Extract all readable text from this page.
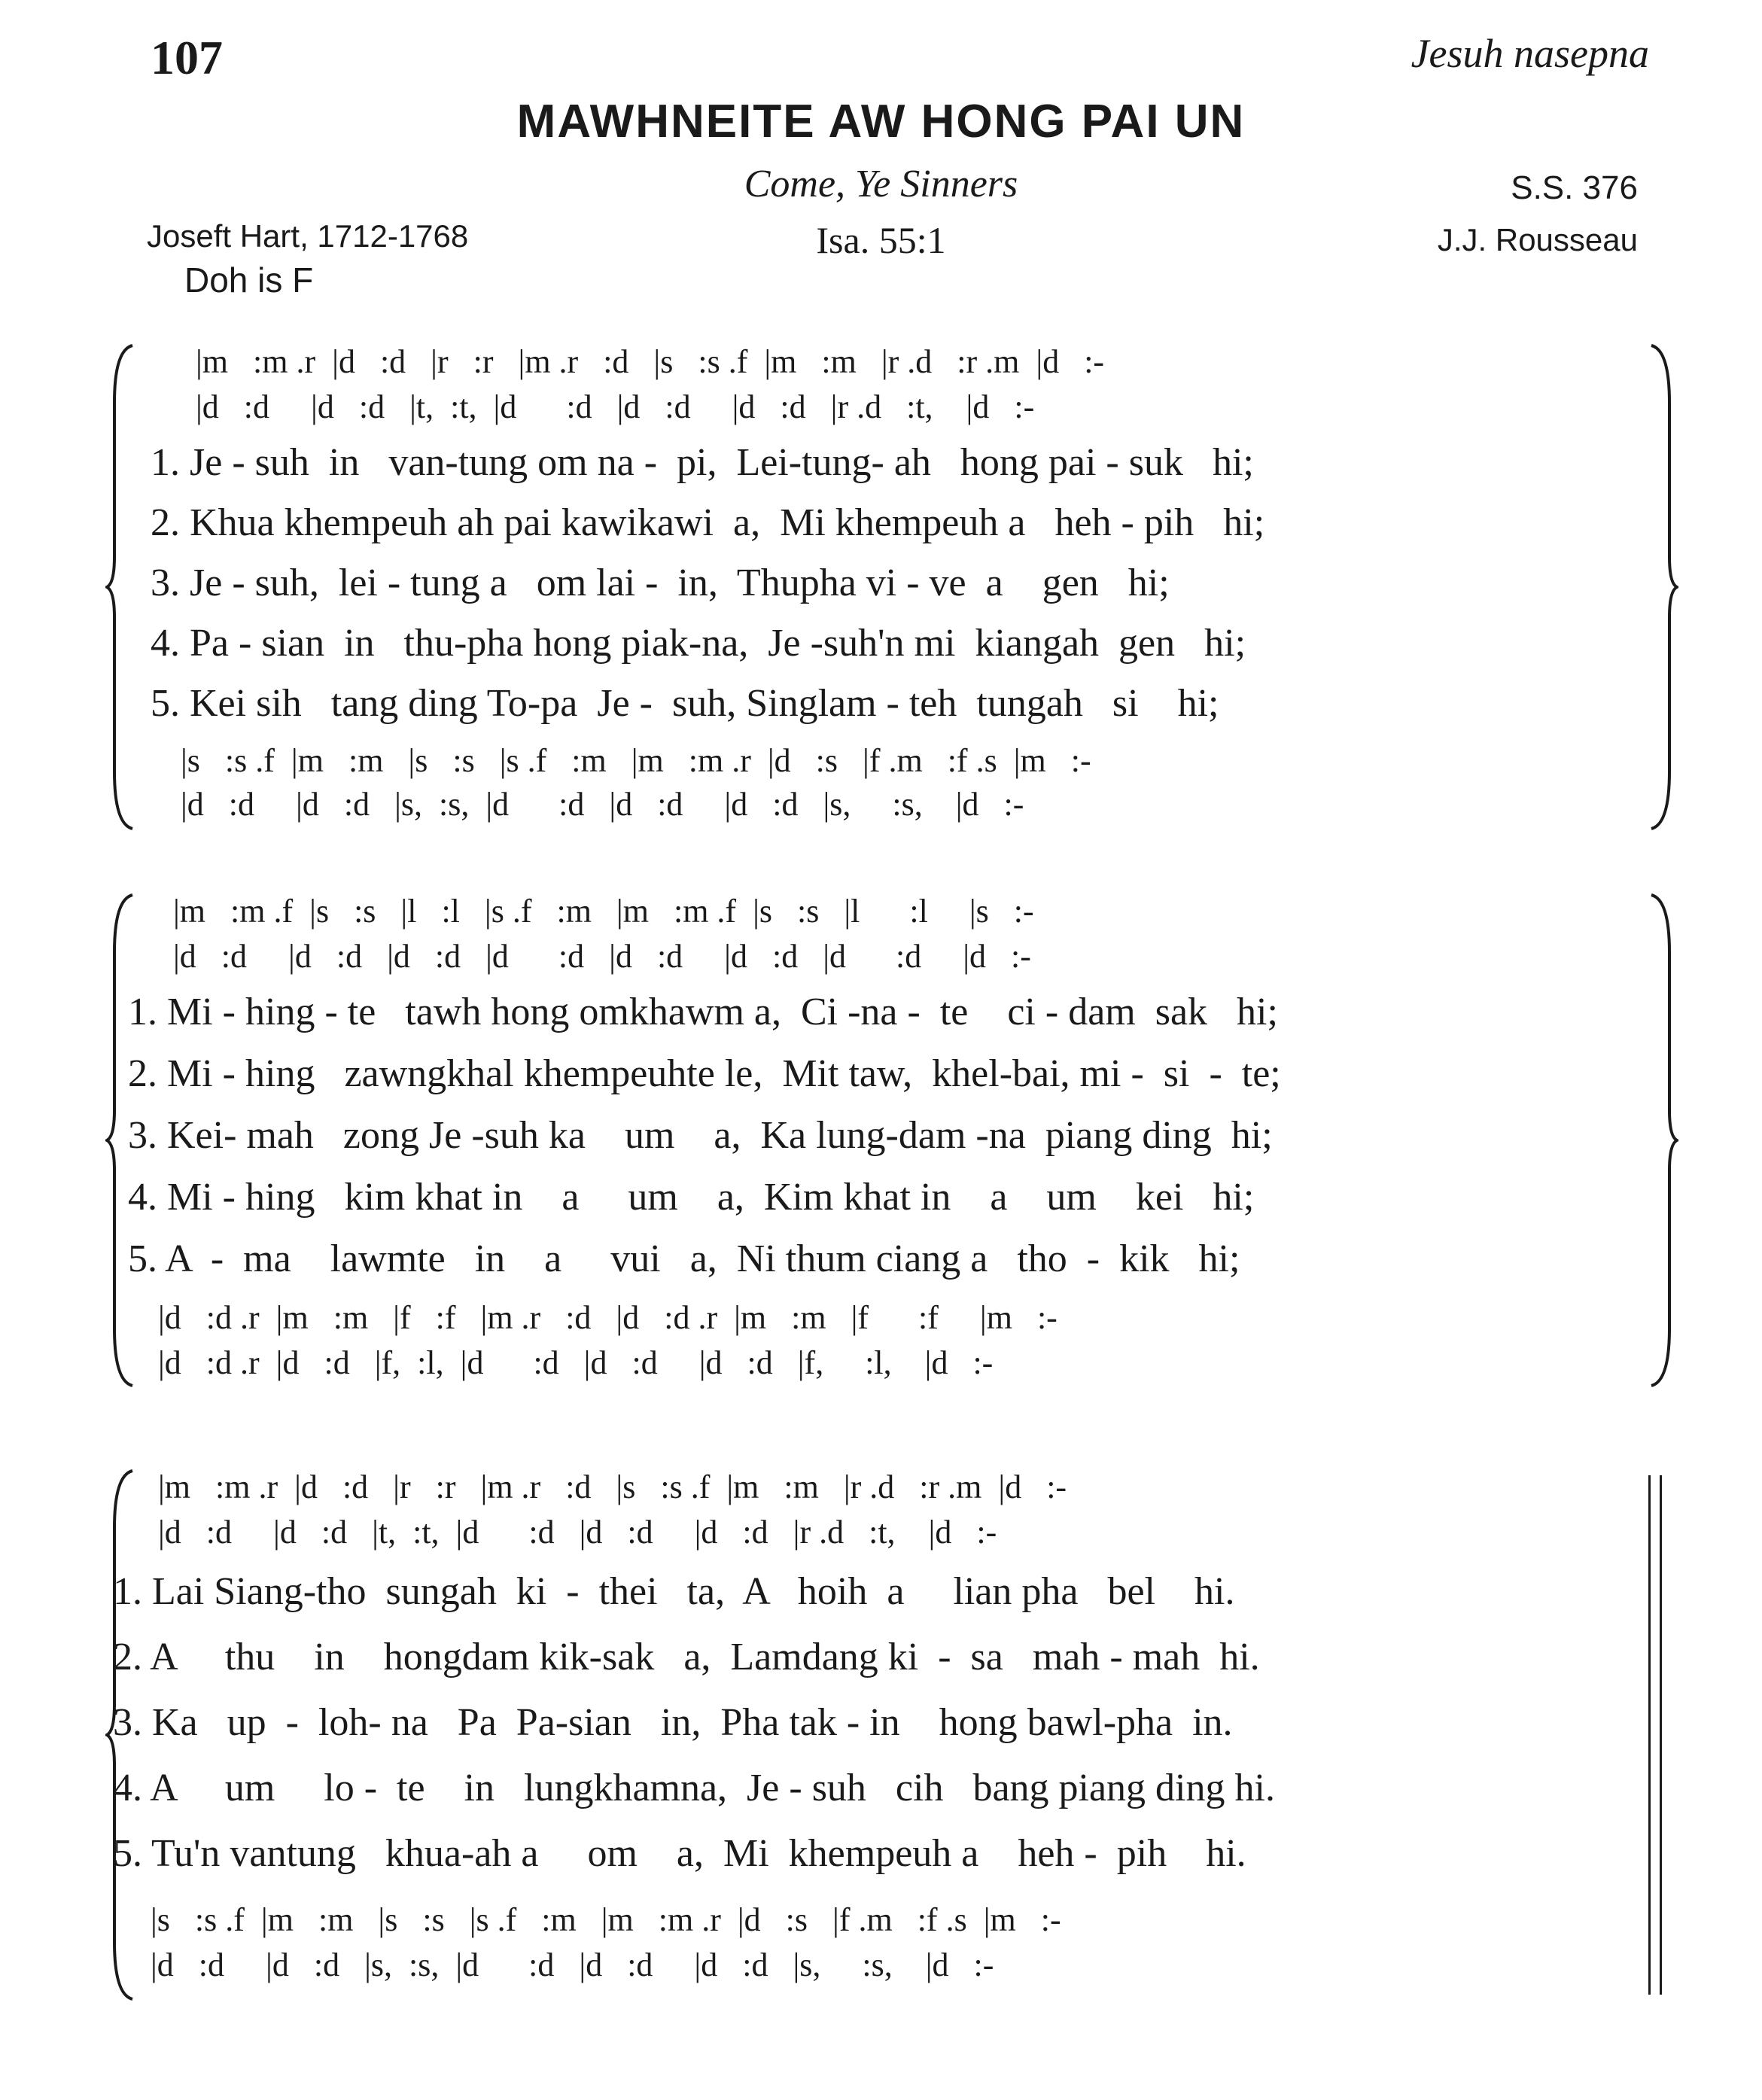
107	Jesuh nasepna
MAWHNEITE AW HONG PAI UN
Come, Ye Sinners	S.S. 376
Joseft Hart, 1712-1768	Isa. 55:1	J.J. Rousseau
Doh is F
|m   :m .r  |d   :d   |r   :r   |m .r   :d   |s   :s .f  |m   :m   |r .d   :r .m  |d   :-
|d   :d     |d   :d   |t,  :t,  |d      :d   |d   :d     |d   :d   |r .d   :t,    |d   :-
1. Je - suh  in   van-tung om na -  pi,  Lei-tung- ah   hong pai - suk   hi;
2. Khua khempeuh ah pai kawikawi  a,  Mi khempeuh a   heh - pih   hi;
3. Je - suh,  lei - tung a   om lai -  in,  Thupha vi - ve  a    gen   hi;
4. Pa - sian  in   thu-pha hong piak-na,  Je -suh'n mi  kiangah  gen   hi;
5. Kei sih   tang ding To-pa  Je -  suh, Singlam - teh  tungah   si    hi;
|s   :s .f  |m   :m   |s   :s   |s .f   :m   |m   :m .r  |d   :s   |f .m   :f .s  |m   :-
|d   :d     |d   :d   |s,  :s,  |d      :d   |d   :d     |d   :d   |s,     :s,    |d   :-
|m   :m .f  |s   :s   |l   :l   |s .f   :m   |m   :m .f  |s   :s   |l      :l     |s   :-
|d   :d     |d   :d   |d   :d   |d      :d   |d   :d     |d   :d   |d      :d     |d   :-
1. Mi - hing - te   tawh hong omkhawm a,  Ci -na -  te    ci - dam  sak   hi;
2. Mi - hing   zawngkhal khempeuhte le,  Mit taw,  khel-bai, mi -  si  -  te;
3. Kei- mah   zong Je -suh ka    um    a,  Ka lung-dam -na  piang ding  hi;
4. Mi - hing   kim khat in    a     um    a,  Kim khat in    a    um    kei   hi;
5. A  -  ma    lawmte   in    a     vui   a,  Ni thum ciang a   tho  -  kik   hi;
|d   :d .r  |m   :m   |f   :f   |m .r   :d   |d   :d .r  |m   :m   |f      :f     |m   :-
|d   :d .r  |d   :d   |f,  :l,  |d      :d   |d   :d     |d   :d   |f,     :l,    |d   :-
|m   :m .r  |d   :d   |r   :r   |m .r   :d   |s   :s .f  |m   :m   |r .d   :r .m  |d   :-
|d   :d     |d   :d   |t,  :t,  |d      :d   |d   :d     |d   :d   |r .d   :t,    |d   :-
1. Lai Siang-tho  sungah  ki  -  thei   ta,  A   hoih  a     lian pha   bel    hi.
2. A     thu    in    hongdam kik-sak   a,  Lamdang ki  -  sa   mah - mah  hi.
3. Ka   up  -  loh- na   Pa  Pa-sian   in,  Pha tak - in    hong bawl-pha  in.
4. A     um     lo -  te    in   lungkhamna,  Je - suh   cih   bang piang ding hi.
5. Tu'n vantung   khua-ah a     om    a,  Mi  khempeuh a    heh -  pih    hi.
|s   :s .f  |m   :m   |s   :s   |s .f   :m   |m   :m .r  |d   :s   |f .m   :f .s  |m   :-
|d   :d     |d   :d   |s,  :s,  |d      :d   |d   :d     |d   :d   |s,     :s,    |d   :-
